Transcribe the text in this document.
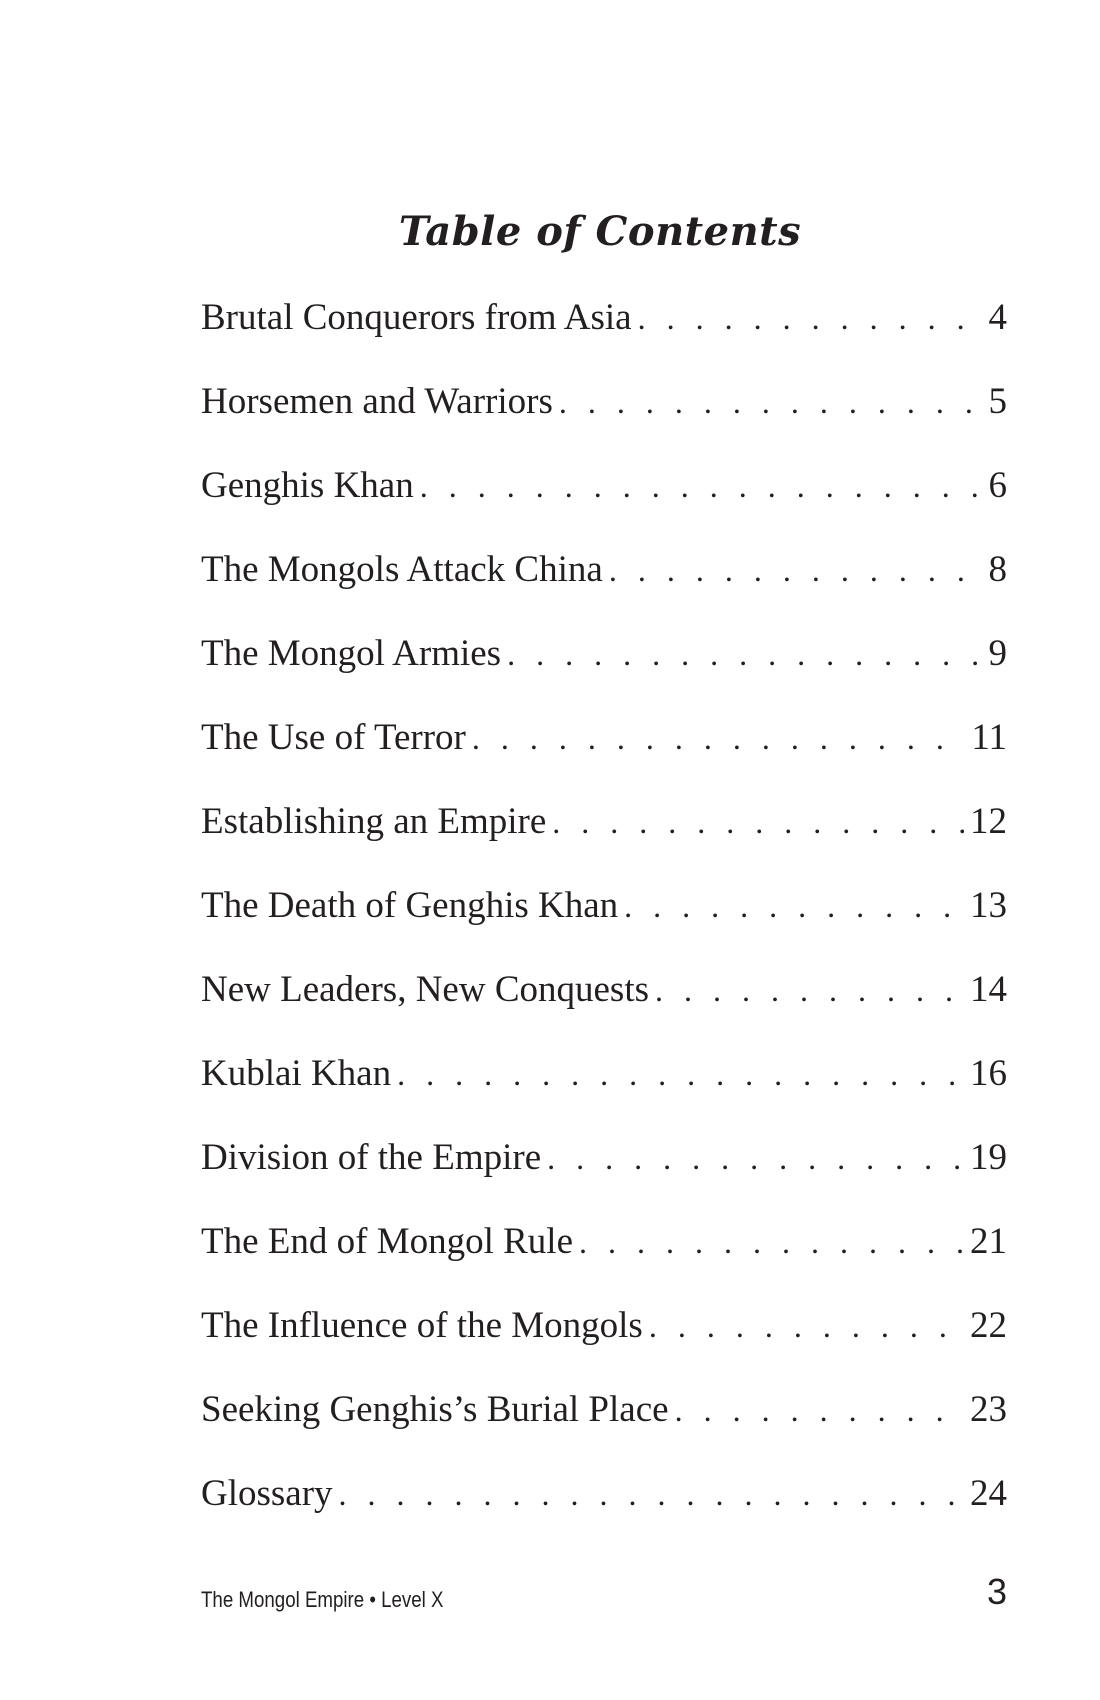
Table of Contents
Brutal Conquerors from Asia . . .	4
Horsemen and Warriors . . .	5
Genghis Khan . . .	6
The Mongols Attack China . . .	8
The Mongol Armies . . .	9
The Use of Terror . . .	11
Establishing an Empire . . .	12
The Death of Genghis Khan . . .	13
New Leaders, New Conquests . . .	14
Kublai Khan . . .	16
Division of the Empire . . .	19
The End of Mongol Rule . . .	21
The Influence of the Mongols . . .	22
Seeking Genghis’s Burial Place . . .	23
Glossary . . .	24
The Mongol Empire • Level X	3
